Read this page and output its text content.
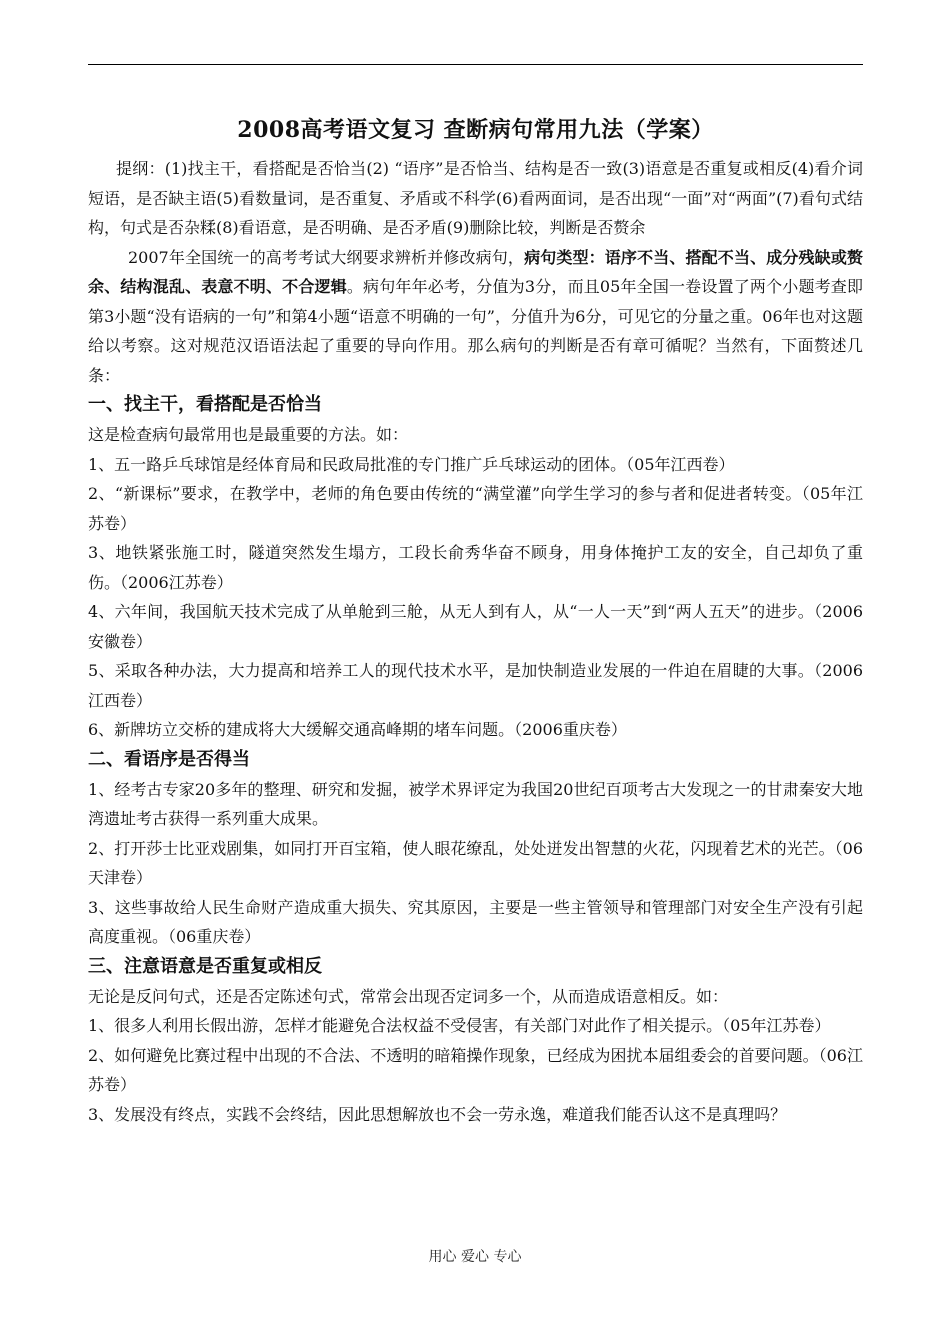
2008高考语文复习 查断病句常用九法（学案）

提纲：(1)找主干，看搭配是否恰当(2) “语序”是否恰当、结构是否一致(3)语意是否重复或相反(4)看介词短语，是否缺主语(5)看数量词，是否重复、矛盾或不科学(6)看两面词，是否出现“一面”对“两面”(7)看句式结构，句式是否杂糅(8)看语意，是否明确、是否矛盾(9)删除比较，判断是否赘余

2007年全国统一的高考考试大纲要求辨析并修改病句，病句类型：语序不当、搭配不当、成分残缺或赘余、结构混乱、表意不明、不合逻辑。病句年年必考，分值为3分，而且05年全国一卷设置了两个小题考查即第3小题“没有语病的一句”和第4小题“语意不明确的一句”，分值升为6分，可见它的分量之重。06年也对这题给以考察。这对规范汉语语法起了重要的导向作用。那么病句的判断是否有章可循呢？当然有，下面赘述几条：

一、找主干，看搭配是否恰当

这是检查病句最常用也是最重要的方法。如：

1、五一路乒乓球馆是经体育局和民政局批准的专门推广乒乓球运动的团体。（05年江西卷）

2、“新课标”要求，在教学中，老师的角色要由传统的“满堂灌”向学生学习的参与者和促进者转变。（05年江苏卷）

3、地铁紧张施工时，隧道突然发生塌方，工段长俞秀华奋不顾身，用身体掩护工友的安全，自己却负了重伤。（2006江苏卷）

4、六年间，我国航天技术完成了从单舱到三舱，从无人到有人，从“一人一天”到“两人五天”的进步。（2006安徽卷）

5、采取各种办法，大力提高和培养工人的现代技术水平，是加快制造业发展的一件迫在眉睫的大事。（2006江西卷）

6、新牌坊立交桥的建成将大大缓解交通高峰期的堵车问题。（2006重庆卷）

二、看语序是否得当

1、经考古专家20多年的整理、研究和发掘，被学术界评定为我国20世纪百项考古大发现之一的甘肃秦安大地湾遗址考古获得一系列重大成果。

2、打开莎士比亚戏剧集，如同打开百宝箱，使人眼花缭乱，处处迸发出智慧的火花，闪现着艺术的光芒。（06天津卷）

3、这些事故给人民生命财产造成重大损失、究其原因，主要是一些主管领导和管理部门对安全生产没有引起高度重视。（06重庆卷）

三、注意语意是否重复或相反

无论是反问句式，还是否定陈述句式，常常会出现否定词多一个，从而造成语意相反。如：

1、很多人利用长假出游，怎样才能避免合法权益不受侵害，有关部门对此作了相关提示。（05年江苏卷）

2、如何避免比赛过程中出现的不合法、不透明的暗箱操作现象，已经成为困扰本届组委会的首要问题。（06江苏卷）

3、发展没有终点，实践不会终结，因此思想解放也不会一劳永逸，难道我们能否认这不是真理吗？

用心 爱心 专心
